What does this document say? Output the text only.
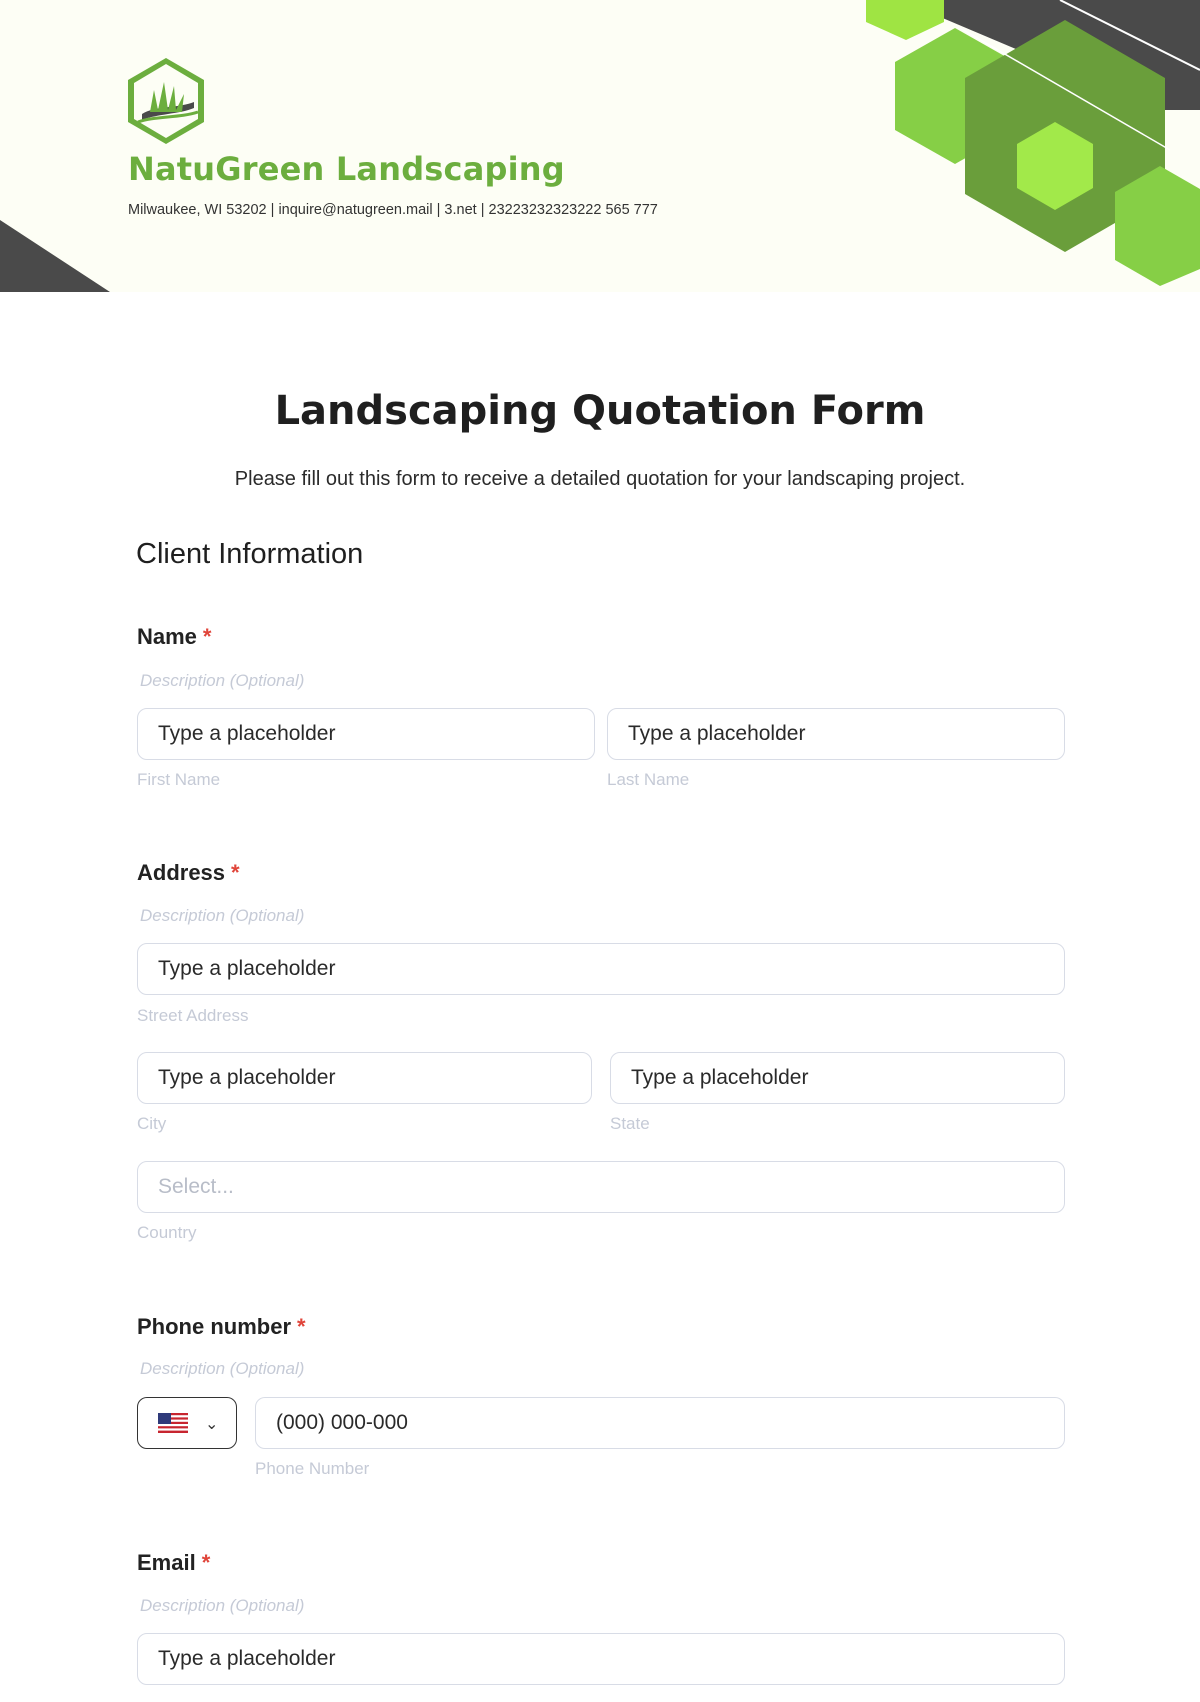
NatuGreen Landscaping
Milwaukee, WI 53202 | inquire@natugreen.mail | 3.net | 23223232323222 565 777
Landscaping Quotation Form
Please fill out this form to receive a detailed quotation for your landscaping project.
Client Information
Name *
Description (Optional)
Type a placeholder
First Name
Type a placeholder
Last Name
Address *
Description (Optional)
Type a placeholder
Street Address
Type a placeholder
City
Type a placeholder
State
Select...
Country
Phone number *
Description (Optional)
⌄	(000) 000-000
Phone Number
Email *
Description (Optional)
Type a placeholder
